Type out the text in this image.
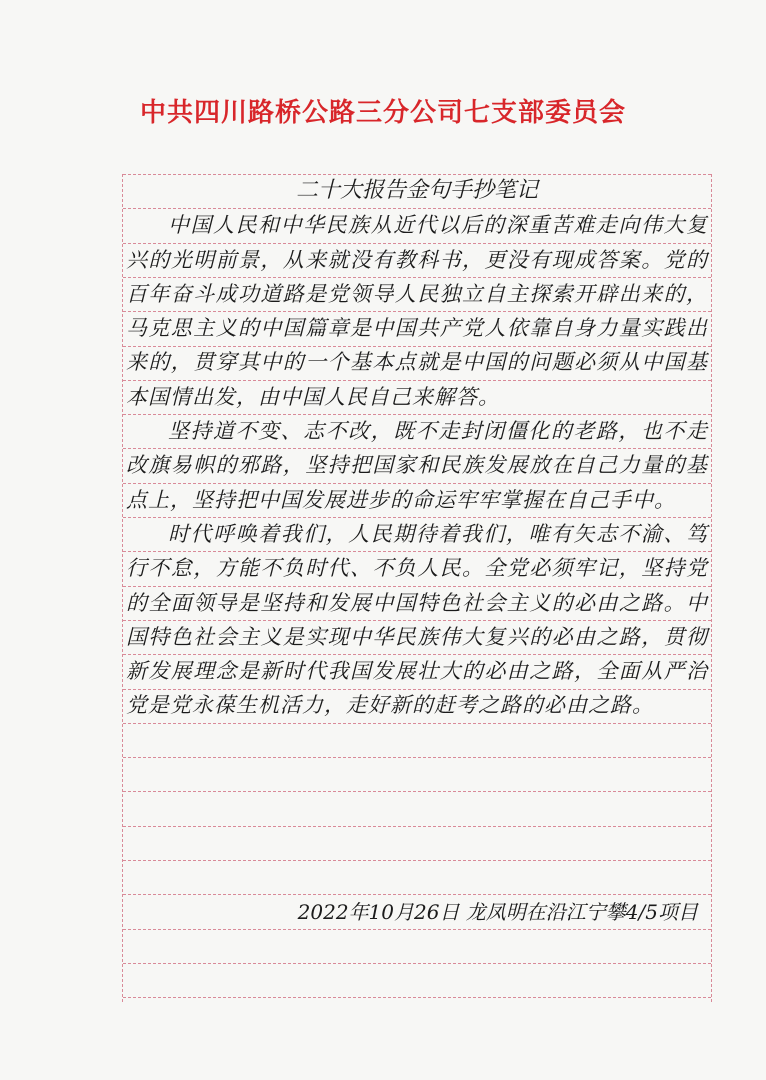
中共四川路桥公路三分公司七支部委员会
二十大报告金句手抄笔记

中国人民和中华民族从近代以后的深重苦难走向伟大复兴的光明前景，从来就没有教科书，更没有现成答案。党的百年奋斗成功道路是党领导人民独立自主探索开辟出来的，马克思主义的中国篇章是中国共产党人依靠自身力量实践出来的，贯穿其中的一个基本点就是中国的问题必须从中国基本国情出发，由中国人民自己来解答。

坚持道不变、志不改，既不走封闭僵化的老路，也不走改旗易帜的邪路，坚持把国家和民族发展放在自己力量的基点上，坚持把中国发展进步的命运牢牢掌握在自己手中。

时代呼唤着我们，人民期待着我们，唯有矢志不渝、笃行不怠，方能不负时代、不负人民。全党必须牢记，坚持党的全面领导是坚持和发展中国特色社会主义的必由之路。中国特色社会主义是实现中华民族伟大复兴的必由之路，贯彻新发展理念是新时代我国发展壮大的必由之路，全面从严治党是党永葆生机活力，走好新的赶考之路的必由之路。

2022年10月26日 龙凤明在沿江宁攀4/5项目
